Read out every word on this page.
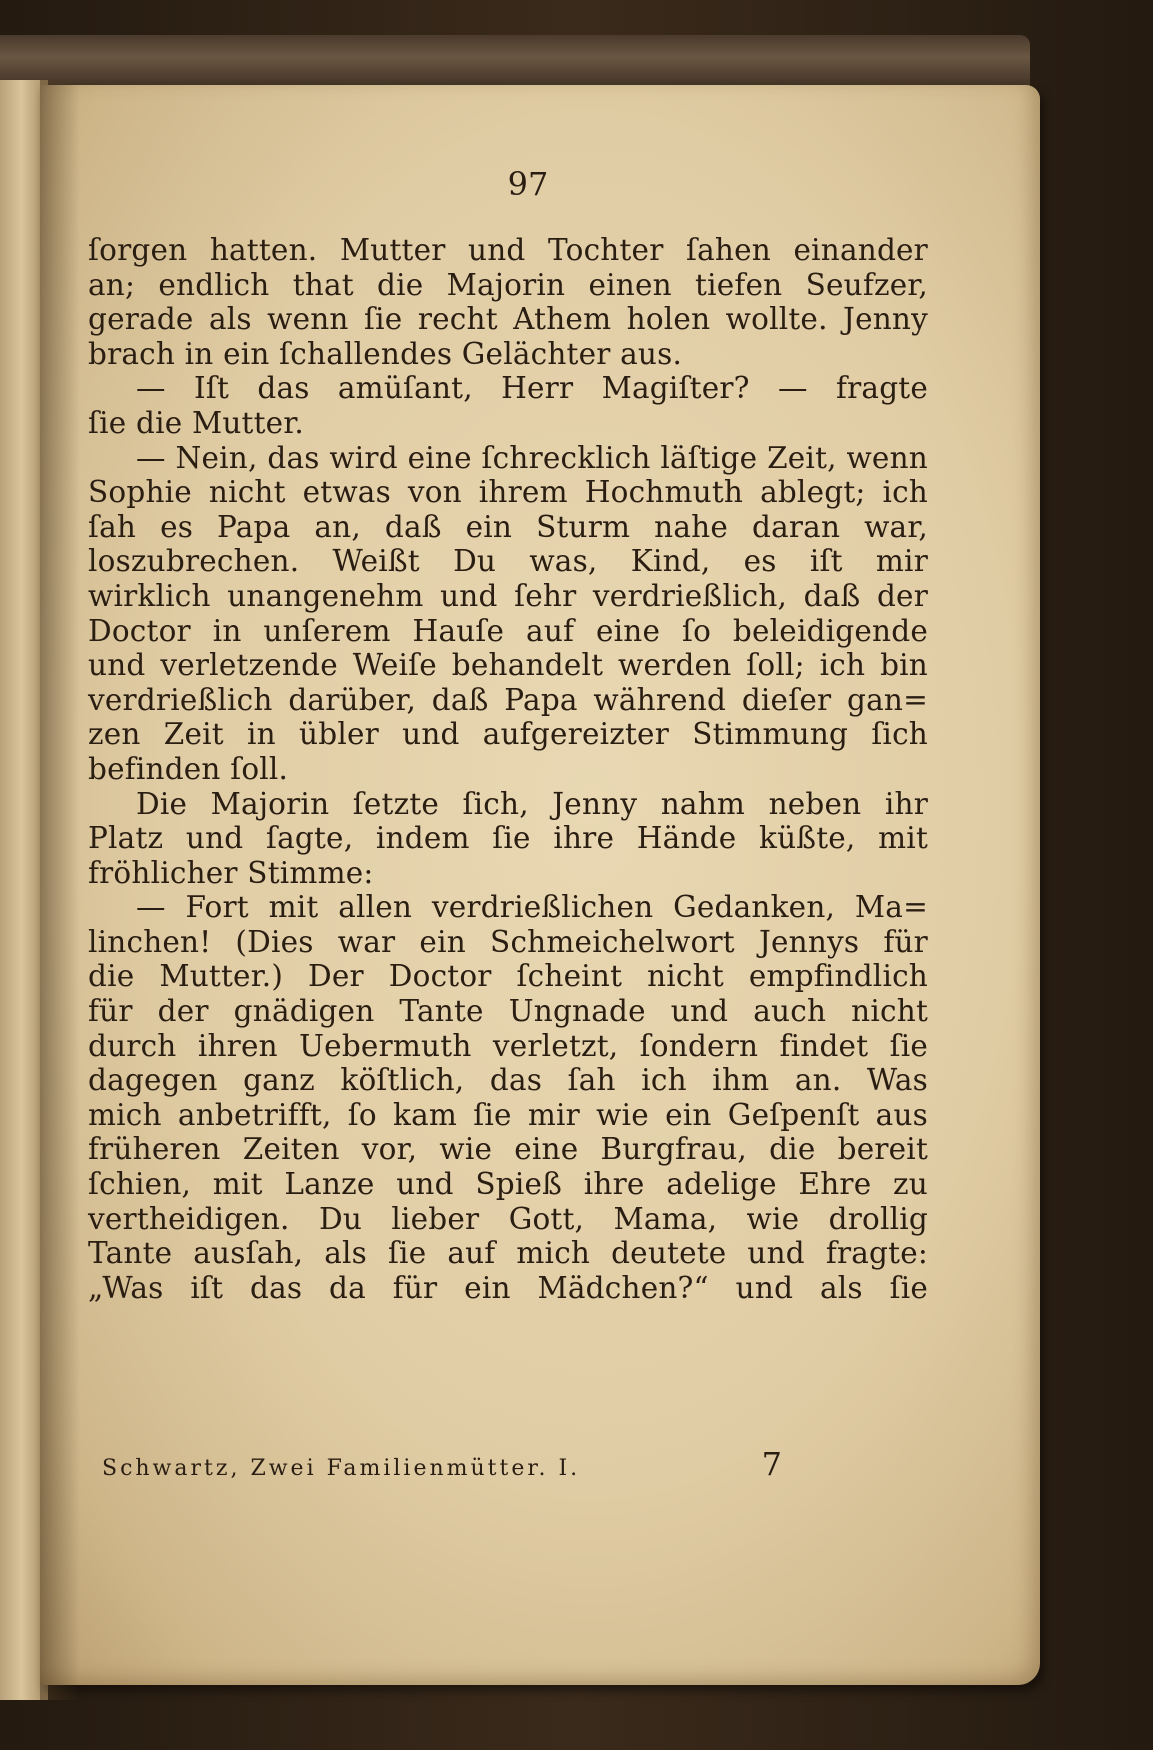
97
ſorgen hatten. Mutter und Tochter ſahen einander
an; endlich that die Majorin einen tiefen Seufzer,
gerade als wenn ſie recht Athem holen wollte. Jenny
brach in ein ſchallendes Gelächter aus.
— Iſt das amüſant, Herr Magiſter? — fragte
ſie die Mutter.
— Nein, das wird eine ſchrecklich läſtige Zeit, wenn
Sophie nicht etwas von ihrem Hochmuth ablegt; ich
ſah es Papa an, daß ein Sturm nahe daran war,
loszubrechen. Weißt Du was, Kind, es iſt mir
wirklich unangenehm und ſehr verdrießlich, daß der
Doctor in unſerem Hauſe auf eine ſo beleidigende
und verletzende Weiſe behandelt werden ſoll; ich bin
verdrießlich darüber, daß Papa während dieſer gan=
zen Zeit in übler und aufgereizter Stimmung ſich
befinden ſoll.
Die Majorin ſetzte ſich, Jenny nahm neben ihr
Platz und ſagte, indem ſie ihre Hände küßte, mit
fröhlicher Stimme:
— Fort mit allen verdrießlichen Gedanken, Ma=
linchen! (Dies war ein Schmeichelwort Jennys für
die Mutter.) Der Doctor ſcheint nicht empfindlich
für der gnädigen Tante Ungnade und auch nicht
durch ihren Uebermuth verletzt, ſondern findet ſie
dagegen ganz köſtlich, das ſah ich ihm an. Was
mich anbetrifft, ſo kam ſie mir wie ein Geſpenſt aus
früheren Zeiten vor, wie eine Burgfrau, die bereit
ſchien, mit Lanze und Spieß ihre adelige Ehre zu
vertheidigen. Du lieber Gott, Mama, wie drollig
Tante ausſah, als ſie auf mich deutete und fragte:
„Was iſt das da für ein Mädchen?“ und als ſie
Schwartz, Zwei Familienmütter. I.	7
